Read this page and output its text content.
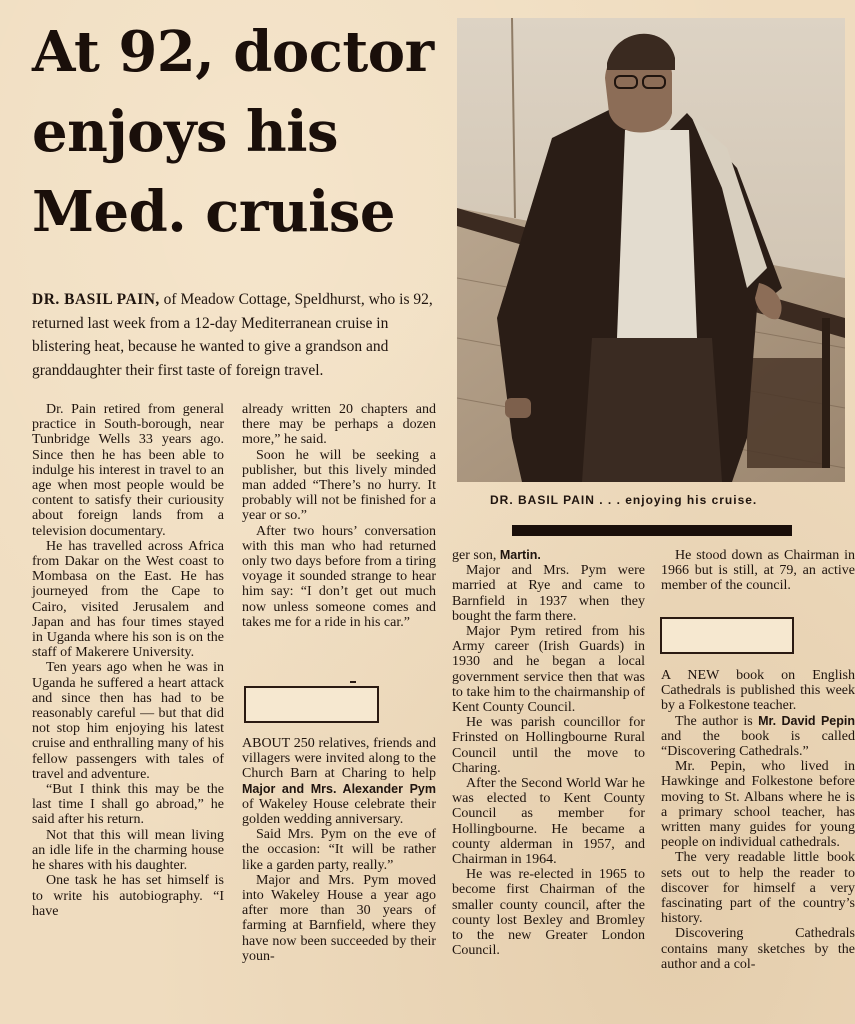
At 92, doctor
enjoys his
Med. cruise
DR. BASIL PAIN, of Meadow Cottage, Speldhurst, who is 92, returned last week from a 12-day Mediterranean cruise in blistering heat, because he wanted to give a grandson and granddaughter their first taste of foreign travel.

Dr. Pain retired from general practice in South-borough, near Tunbridge Wells 33 years ago. Since then he has been able to indulge his interest in travel to an age when most people would be content to satisfy their curiousity about foreign lands from a television documentary.

He has travelled across Africa from Dakar on the West coast to Mombasa on the East. He has journeyed from the Cape to Cairo, visited Jerusalem and Japan and has four times stayed in Uganda where his son is on the staff of Makerere University.

Ten years ago when he was in Uganda he suffered a heart attack and since then has had to be reasonably careful — but that did not stop him enjoying his latest cruise and enthralling many of his fellow passengers with tales of travel and adventure.

“But I think this may be the last time I shall go abroad,” he said after his return.

Not that this will mean living an idle life in the charming house he shares with his daughter.

One task he has set himself is to write his autobiography. “I have

already written 20 chapters and there may be perhaps a dozen more,” he said.

Soon he will be seeking a publisher, but this lively minded man added “There’s no hurry. It probably will not be finished for a year or so.”

After two hours’ conversation with this man who had returned only two days before from a tiring voyage it sounded strange to hear him say: “I don’t get out much now unless someone comes and takes me for a ride in his car.”

ABOUT 250 relatives, friends and villagers were invited along to the Church Barn at Charing to help Major and Mrs. Alexander Pym of Wakeley House celebrate their golden wedding anniversary.

Said Mrs. Pym on the eve of the occasion: “It will be rather like a garden party, really.”

Major and Mrs. Pym moved into Wakeley House a year ago after more than 30 years of farming at Barnfield, where they have now been succeeded by their youn-

ger son, Martin.

Major and Mrs. Pym were married at Rye and came to Barnfield in 1937 when they bought the farm there.

Major Pym retired from his Army career (Irish Guards) in 1930 and he began a local government service then that was to take him to the chairmanship of Kent County Council.

He was parish councillor for Frinsted on Hollingbourne Rural Council until the move to Charing.

After the Second World War he was elected to Kent County Council as member for Hollingbourne. He became a county alderman in 1957, and Chairman in 1964.

He was re-elected in 1965 to become first Chairman of the smaller county council, after the county lost Bexley and Bromley to the new Greater London Council.

He stood down as Chairman in 1966 but is still, at 79, an active member of the council.

A NEW book on English Cathedrals is published this week by a Folkestone teacher.

The author is Mr. David Pepin and the book is called “Discovering Cathedrals.”

Mr. Pepin, who lived in Hawkinge and Folkestone before moving to St. Albans where he is a primary school teacher, has written many guides for young people on individual cathedrals.

The very readable little book sets out to help the reader to discover for himself a very fascinating part of the country’s history.

Discovering Cathedrals contains many sketches by the author and a col-

DR. BASIL PAIN . . . enjoying his cruise.
